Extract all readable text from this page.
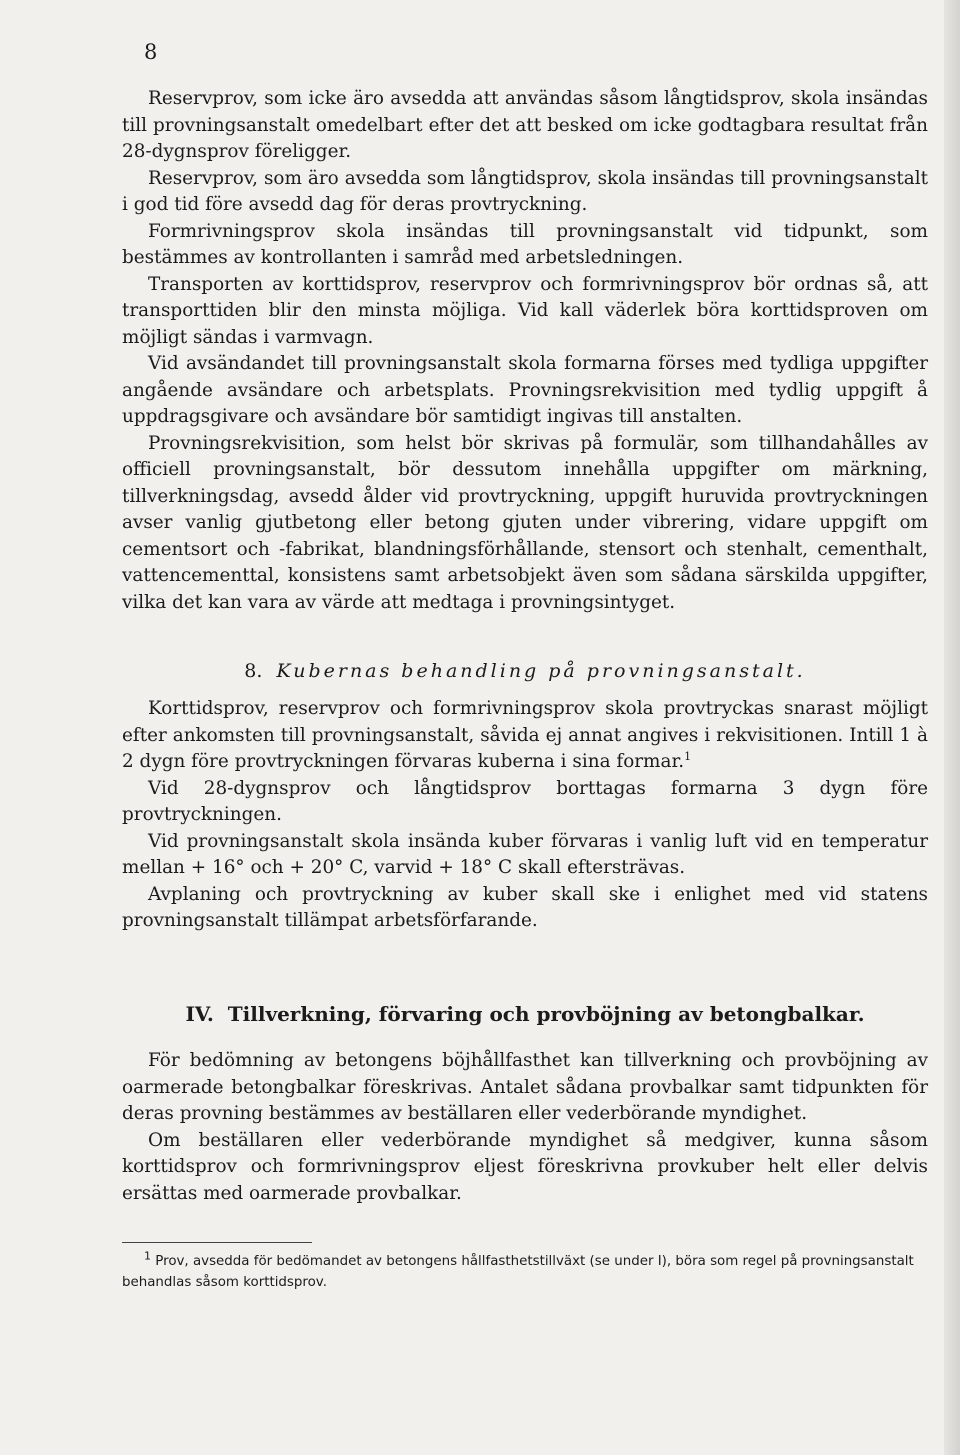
8

Reservprov, som icke äro avsedda att användas såsom långtidsprov, skola insändas till provningsanstalt omedelbart efter det att besked om icke godtagbara resultat från 28-dygnsprov föreligger.

Reservprov, som äro avsedda som långtidsprov, skola insändas till provningsanstalt i god tid före avsedd dag för deras provtryckning.

Formrivningsprov skola insändas till provningsanstalt vid tidpunkt, som bestämmes av kontrollanten i samråd med arbetsledningen.

Transporten av korttidsprov, reservprov och formrivningsprov bör ordnas så, att transporttiden blir den minsta möjliga. Vid kall väderlek böra korttidsproven om möjligt sändas i varmvagn.

Vid avsändandet till provningsanstalt skola formarna förses med tydliga uppgifter angående avsändare och arbetsplats. Provningsrekvisition med tydlig uppgift å uppdragsgivare och avsändare bör samtidigt ingivas till anstalten.

Provningsrekvisition, som helst bör skrivas på formulär, som tillhandahålles av officiell provningsanstalt, bör dessutom innehålla uppgifter om märkning, tillverkningsdag, avsedd ålder vid provtryckning, uppgift huruvida provtryckningen avser vanlig gjutbetong eller betong gjuten under vibrering, vidare uppgift om cementsort och -fabrikat, blandningsförhållande, stensort och stenhalt, cementhalt, vattencementtal, konsistens samt arbetsobjekt även som sådana särskilda uppgifter, vilka det kan vara av värde att medtaga i provningsintyget.

8. Kubernas behandling på provningsanstalt.

Korttidsprov, reservprov och formrivningsprov skola provtryckas snarast möjligt efter ankomsten till provningsanstalt, såvida ej annat angives i rekvisitionen. Intill 1 à 2 dygn före provtryckningen förvaras kuberna i sina formar.$^1$

Vid 28-dygnsprov och långtidsprov borttagas formarna 3 dygn före provtryckningen.

Vid provningsanstalt skola insända kuber förvaras i vanlig luft vid en temperatur mellan + 16° och + 20° C, varvid + 18° C skall eftersträvas.

Avplaning och provtryckning av kuber skall ske i enlighet med vid statens provningsanstalt tillämpat arbetsförfarande.

IV. Tillverkning, förvaring och provböjning av betongbalkar.

För bedömning av betongens böjhållfasthet kan tillverkning och provböjning av oarmerade betongbalkar föreskrivas. Antalet sådana provbalkar samt tidpunkten för deras provning bestämmes av beställaren eller vederbörande myndighet.

Om beställaren eller vederbörande myndighet så medgiver, kunna såsom korttidsprov och formrivningsprov eljest föreskrivna provkuber helt eller delvis ersättas med oarmerade provbalkar.

$^1$ Prov, avsedda för bedömandet av betongens hållfasthetstillväxt (se under I), böra som regel på provningsanstalt behandlas såsom korttidsprov.
